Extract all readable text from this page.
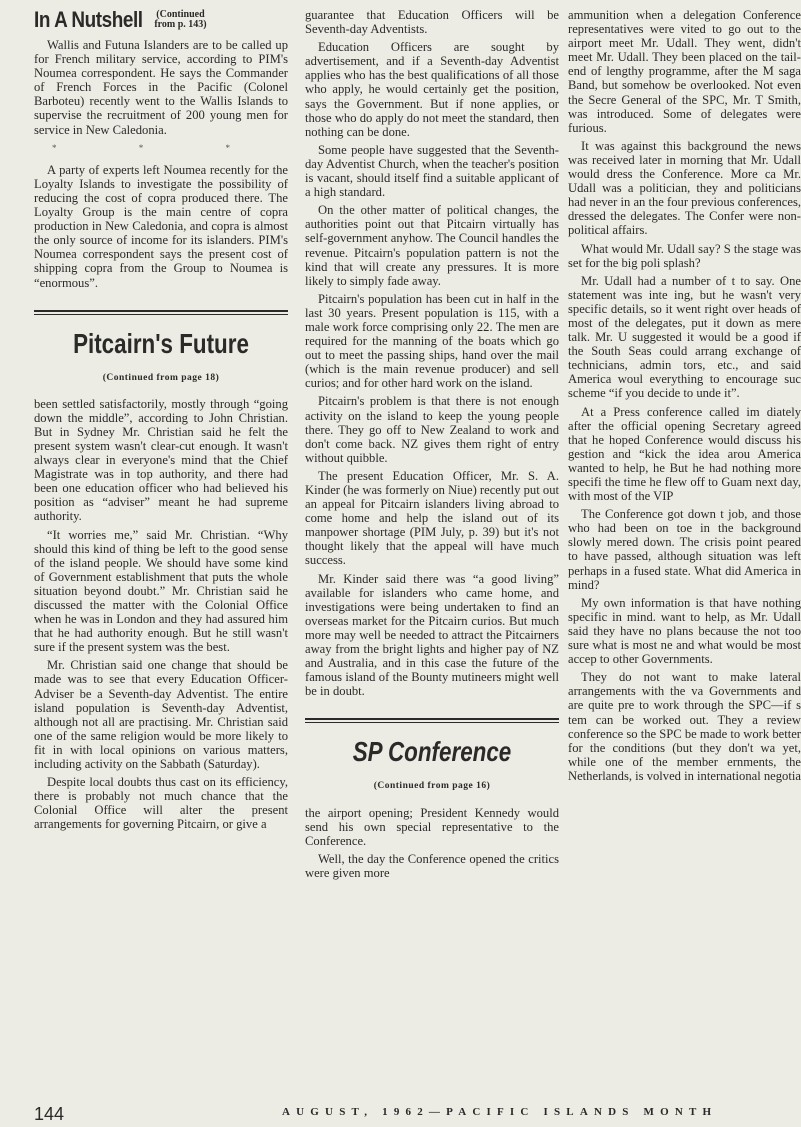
In A Nutshell (Continued
from p. 143)

Wallis and Futuna Islanders are to be called up for French military service, according to PIM's Noumea correspondent. He says the Commander of French Forces in the Pacific (Colonel Barboteu) recently went to the Wallis Islands to supervise the recruitment of 200 young men for service in New Caledonia.

* * *

A party of experts left Noumea recently for the Loyalty Islands to investigate the possibility of reducing the cost of copra produced there. The Loyalty Group is the main centre of copra production in New Caledonia, and copra is almost the only source of income for its islanders. PIM's Noumea correspondent says the present cost of shipping copra from the Group to Noumea is “enormous”.

Pitcairn's Future
(Continued from page 18)

been settled satisfactorily, mostly through “going down the middle”, according to John Christian. But in Sydney Mr. Christian said he felt the present system wasn't clear-cut enough. It wasn't always clear in everyone's mind that the Chief Magistrate was in top authority, and there had been one education officer who had believed his position as “adviser” meant he had supreme authority.

“It worries me,” said Mr. Christian. “Why should this kind of thing be left to the good sense of the island people. We should have some kind of Government establishment that puts the whole situation beyond doubt.” Mr. Christian said he discussed the matter with the Colonial Office when he was in London and they had assured him that he had authority enough. But he still wasn't sure if the present system was the best.

Mr. Christian said one change that should be made was to see that every Education Officer-Adviser be a Seventh-day Adventist. The entire island population is Seventh-day Adventist, although not all are practising. Mr. Christian said one of the same religion would be more likely to fit in with local opinions on various matters, including activity on the Sabbath (Saturday).

Despite local doubts thus cast on its efficiency, there is probably not much chance that the Colonial Office will alter the present arrangements for governing Pitcairn, or give a

guarantee that Education Officers will be Seventh-day Adventists.

Education Officers are sought by advertisement, and if a Seventh-day Adventist applies who has the best qualifications of all those who apply, he would certainly get the position, says the Government. But if none applies, or those who do apply do not meet the standard, then nothing can be done.

Some people have suggested that the Seventh-day Adventist Church, when the teacher's position is vacant, should itself find a suitable applicant of a high standard.

On the other matter of political changes, the authorities point out that Pitcairn virtually has self-government anyhow. The Council handles the revenue. Pitcairn's population pattern is not the kind that will create any pressures. It is more likely to simply fade away.

Pitcairn's population has been cut in half in the last 30 years. Present population is 115, with a male work force comprising only 22. The men are required for the manning of the boats which go out to meet the passing ships, hand over the mail (which is the main revenue producer) and sell curios; and for other hard work on the island.

Pitcairn's problem is that there is not enough activity on the island to keep the young people there. They go off to New Zealand to work and don't come back. NZ gives them right of entry without quibble.

The present Education Officer, Mr. S. A. Kinder (he was formerly on Niue) recently put out an appeal for Pitcairn islanders living abroad to come home and help the island out of its manpower shortage (PIM July, p. 39) but it's not thought likely that the appeal will have much success.

Mr. Kinder said there was “a good living” available for islanders who came home, and investigations were being undertaken to find an overseas market for the Pitcairn curios. But much more may well be needed to attract the Pitcairners away from the bright lights and higher pay of NZ and Australia, and in this case the future of the famous island of the Bounty mutineers might well be in doubt.

SP Conference
(Continued from page 16)

the airport opening; President Kennedy would send his own special representative to the Conference.

Well, the day the Conference opened the critics were given more

ammunition when a delegation Conference representatives were vited to go out to the airport meet Mr. Udall. They went, didn't meet Mr. Udall. They been placed on the tail-end of lengthy programme, after the M saga Band, but somehow be overlooked. Not even the Secre General of the SPC, Mr. T Smith, was introduced. Some of delegates were furious.

It was against this background the news was received later in morning that Mr. Udall would dress the Conference. More ca Mr. Udall was a politician, they and politicians had never in an the four previous conferences, dressed the delegates. The Confer were non-political affairs.

What would Mr. Udall say? S the stage was set for the big poli splash?

Mr. Udall had a number of t to say. One statement was inte ing, but he wasn't very specific details, so it went right over heads of most of the delegates, put it down as mere talk. Mr. U suggested it would be a good if the South Seas could arrang exchange of technicians, admin tors, etc., and said America woul everything to encourage suc scheme “if you decide to unde it”.

At a Press conference called im diately after the official opening Secretary agreed that he hoped Conference would discuss his gestion and “kick the idea arou America wanted to help, he But he had nothing more specifi the time he flew off to Guam next day, with most of the VIP

The Conference got down t job, and those who had been on toe in the background slowly mered down. The crisis point peared to have passed, although situation was left perhaps in a fused state. What did America in mind?

My own information is that have nothing specific in mind. want to help, as Mr. Udall said they have no plans because the not too sure what is most ne and what would be most accep to other Governments.

They do not want to make lateral arrangements with the va Governments and are quite pre to work through the SPC—if s tem can be worked out. They a review conference so the SPC be made to work better for the conditions (but they don't wa yet, while one of the member ernments, the Netherlands, is volved in international negotia

144	AUGUST, 1962—PACIFIC ISLANDS MONTH
